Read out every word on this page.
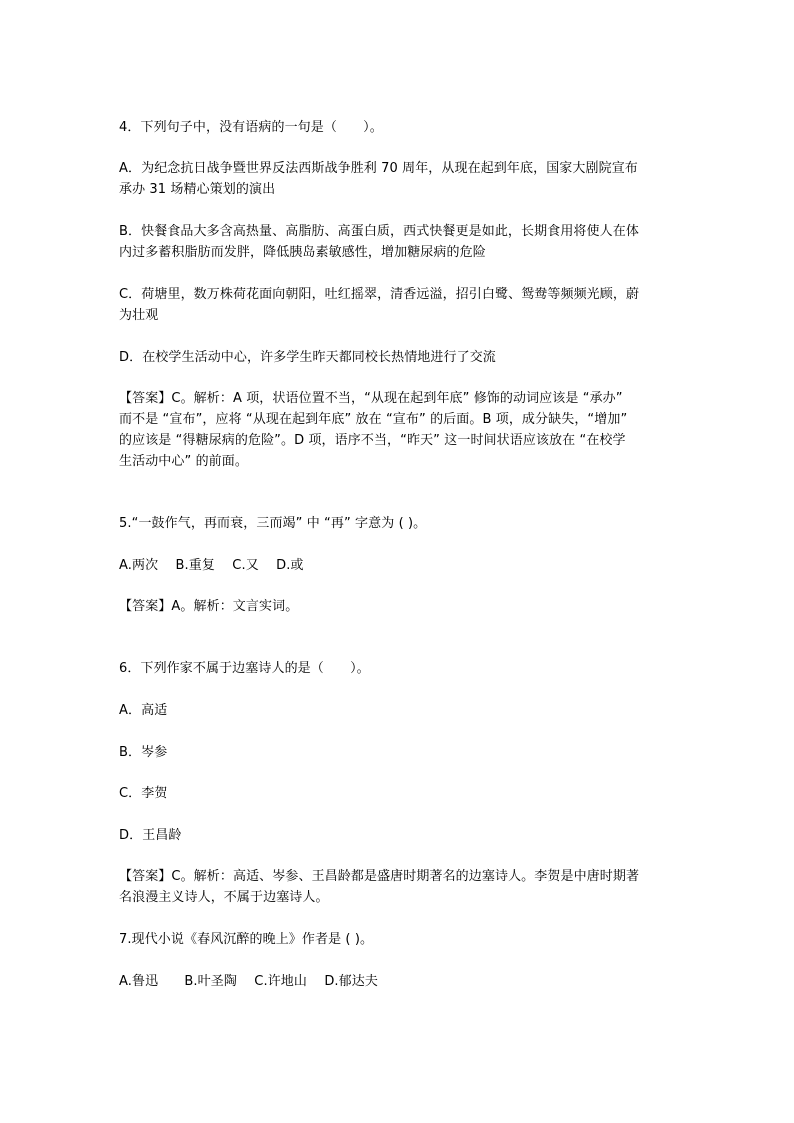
4．下列句子中，没有语病的一句是（　　）。
A．为纪念抗日战争暨世界反法西斯战争胜利 70 周年，从现在起到年底，国家大剧院宣布
承办 31 场精心策划的演出
B．快餐食品大多含高热量、高脂肪、高蛋白质，西式快餐更是如此，长期食用将使人在体
内过多蓄积脂肪而发胖，降低胰岛素敏感性，增加糖尿病的危险
C．荷塘里，数万株荷花面向朝阳，吐红摇翠，清香远溢，招引白鹭、鸳鸯等频频光顾，蔚
为壮观
D．在校学生活动中心，许多学生昨天都同校长热情地进行了交流
【答案】C。解析：A 项，状语位置不当，“从现在起到年底” 修饰的动词应该是 “承办”
而不是 “宣布”，应将 “从现在起到年底” 放在 “宣布” 的后面。B 项，成分缺失，“增加”
的应该是 “得糖尿病的危险”。D 项，语序不当，“昨天” 这一时间状语应该放在 “在校学
生活动中心” 的前面。
5.“一鼓作气，再而衰，三而竭” 中 “再” 字意为 ( )。
A.两次　 B.重复　 C.又　 D.或
【答案】A。解析：文言实词。
6．下列作家不属于边塞诗人的是（　　）。
A．高适
B．岑参
C．李贺
D．王昌龄
【答案】C。解析：高适、岑参、王昌龄都是盛唐时期著名的边塞诗人。李贺是中唐时期著
名浪漫主义诗人，不属于边塞诗人。
7.现代小说《春风沉醉的晚上》作者是 ( )。
A.鲁迅　　B.叶圣陶　 C.许地山　 D.郁达夫
